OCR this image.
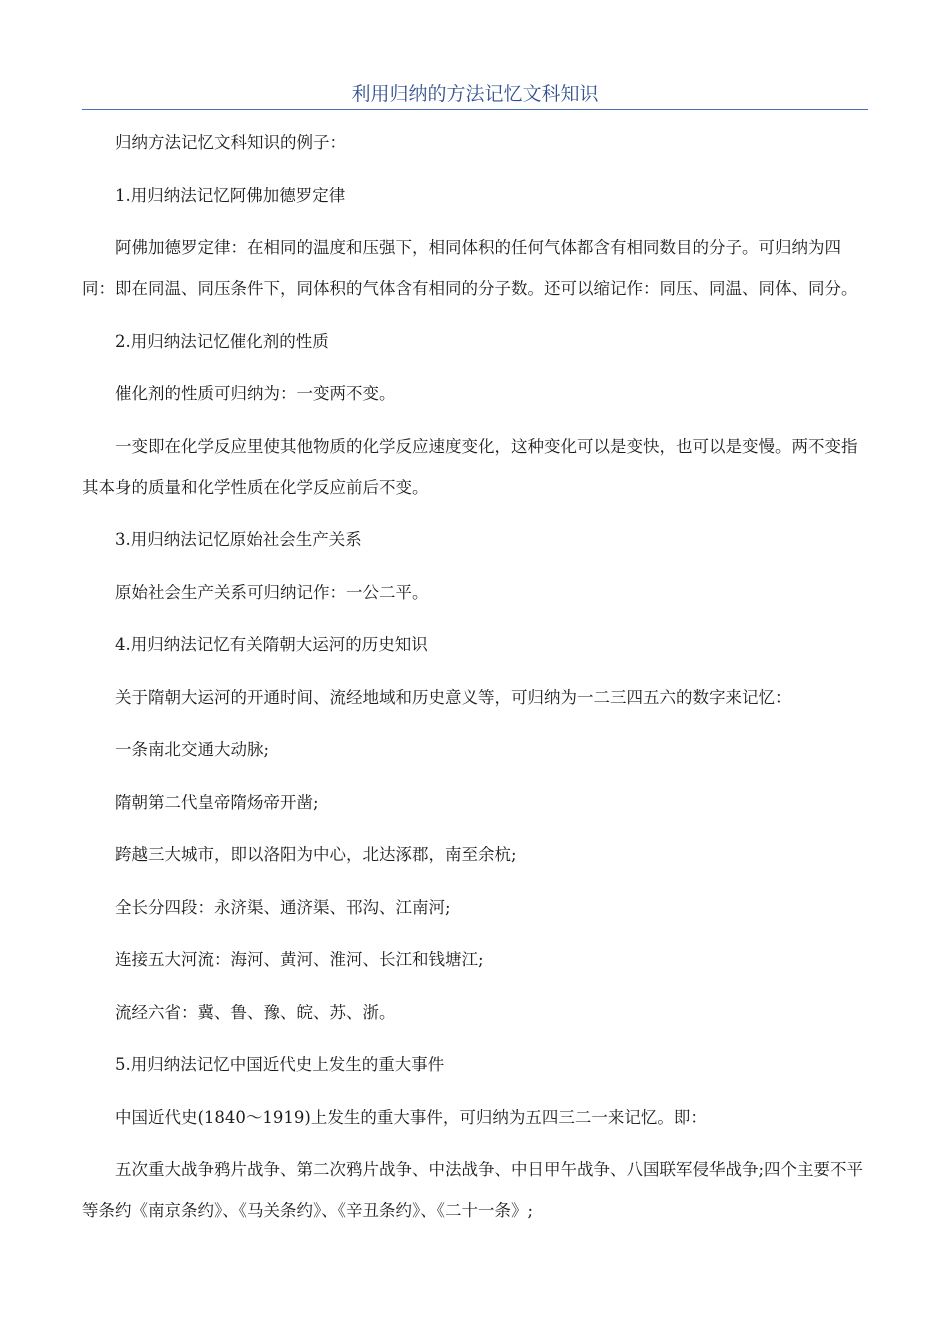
利用归纳的方法记忆文科知识

归纳方法记忆文科知识的例子：

1.用归纳法记忆阿佛加德罗定律

阿佛加德罗定律：在相同的温度和压强下，相同体积的任何气体都含有相同数目的分子。可归纳为四同：即在同温、同压条件下，同体积的气体含有相同的分子数。还可以缩记作：同压、同温、同体、同分。

2.用归纳法记忆催化剂的性质

催化剂的性质可归纳为：一变两不变。

一变即在化学反应里使其他物质的化学反应速度变化，这种变化可以是变快，也可以是变慢。两不变指其本身的质量和化学性质在化学反应前后不变。

3.用归纳法记忆原始社会生产关系

原始社会生产关系可归纳记作：一公二平。

4.用归纳法记忆有关隋朝大运河的历史知识

关于隋朝大运河的开通时间、流经地域和历史意义等，可归纳为一二三四五六的数字来记忆：

一条南北交通大动脉;

隋朝第二代皇帝隋炀帝开凿;

跨越三大城市，即以洛阳为中心，北达涿郡，南至余杭;

全长分四段：永济渠、通济渠、邗沟、江南河;

连接五大河流：海河、黄河、淮河、长江和钱塘江;

流经六省：冀、鲁、豫、皖、苏、浙。

5.用归纳法记忆中国近代史上发生的重大事件

中国近代史(1840～1919)上发生的重大事件，可归纳为五四三二一来记忆。即：

五次重大战争鸦片战争、第二次鸦片战争、中法战争、中日甲午战争、八国联军侵华战争;四个主要不平等条约《南京条约》、《马关条约》、《辛丑条约》、《二十一条》;
